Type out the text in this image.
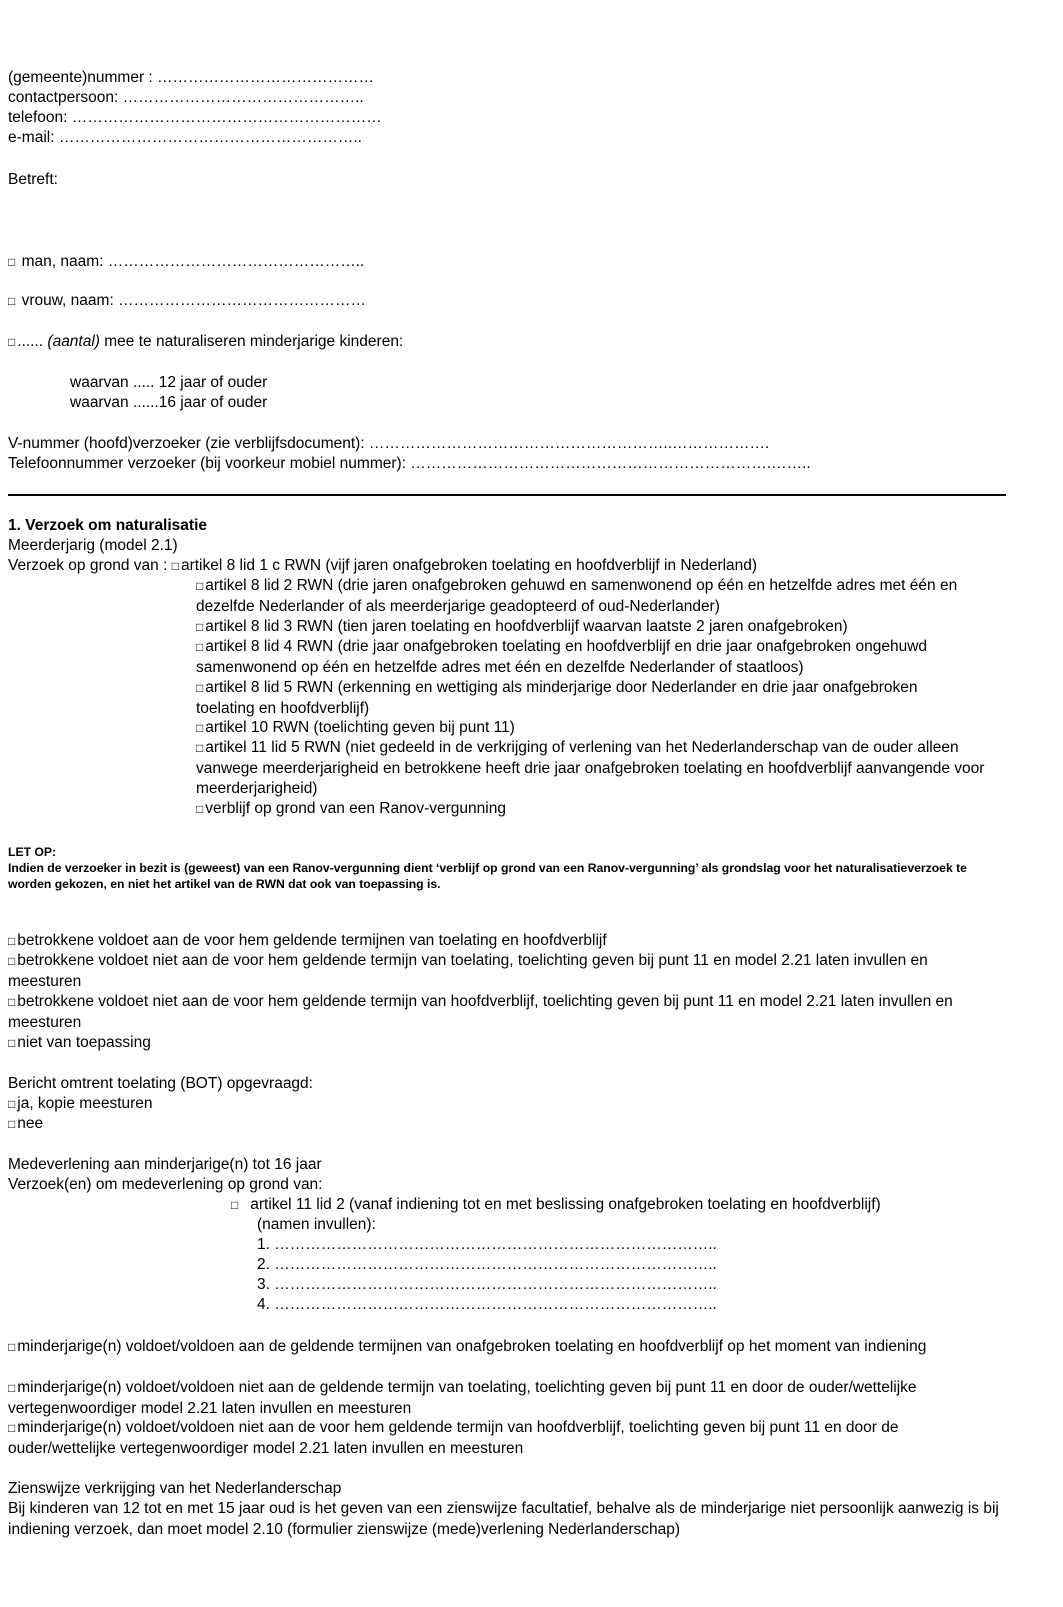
(gemeente)nummer : ……………………………………
contactpersoon: ………………………………………..
telefoon: ……………………………………………………
e-mail: …………………………………………………..
Betreft:
□ man, naam: …………………………………………..
□ vrouw, naam: …………………………………………
□ ...... (aantal) mee te naturaliseren minderjarige kinderen:
waarvan ..... 12 jaar of ouder
waarvan ......16 jaar of ouder
V-nummer (hoofd)verzoeker (zie verblijfsdocument): …………………………………………………..……………….
Telefoonnummer verzoeker (bij voorkeur mobiel nummer): …………………………………………………………….……..
1. Verzoek om naturalisatie
Meerderjarig (model 2.1)
Verzoek op grond van : □ artikel 8 lid 1 c RWN (vijf jaren onafgebroken toelating en hoofdverblijf in Nederland)
□ artikel 8 lid 2 RWN (drie jaren onafgebroken gehuwd en samenwonend op één en hetzelfde adres met één en dezelfde Nederlander of als meerderjarige geadopteerd of oud-Nederlander)
□ artikel 8 lid 3 RWN (tien jaren toelating en hoofdverblijf waarvan laatste 2 jaren onafgebroken)
□ artikel 8 lid 4 RWN (drie jaar onafgebroken toelating en hoofdverblijf en drie jaar onafgebroken ongehuwd samenwonend op één en hetzelfde adres met één en dezelfde Nederlander of staatloos)
□ artikel 8 lid 5 RWN (erkenning en wettiging als minderjarige door Nederlander en drie jaar onafgebroken toelating en hoofdverblijf)
□ artikel 10 RWN (toelichting geven bij punt 11)
□ artikel 11 lid 5 RWN (niet gedeeld in de verkrijging of verlening van het Nederlanderschap van de ouder alleen vanwege meerderjarigheid en betrokkene heeft drie jaar onafgebroken toelating en hoofdverblijf aanvangende voor meerderjarigheid)
□ verblijf op grond van een Ranov-vergunning
LET OP:
Indien de verzoeker in bezit is (geweest) van een Ranov-vergunning dient ‘verblijf op grond van een Ranov-vergunning’ als grondslag voor het naturalisatieverzoek te worden gekozen, en niet het artikel van de RWN dat ook van toepassing is.
□ betrokkene voldoet aan de voor hem geldende termijnen van toelating en hoofdverblijf
□ betrokkene voldoet niet aan de voor hem geldende termijn van toelating, toelichting geven bij punt 11 en model 2.21 laten invullen en meesturen
□ betrokkene voldoet niet aan de voor hem geldende termijn van hoofdverblijf, toelichting geven bij punt 11 en model 2.21 laten invullen en meesturen
□ niet van toepassing
Bericht omtrent toelating (BOT) opgevraagd:
□ ja, kopie meesturen
□ nee
Medeverlening aan minderjarige(n) tot 16 jaar
Verzoek(en) om medeverlening op grond van:
□ artikel 11 lid 2 (vanaf indiening tot en met beslissing onafgebroken toelating en hoofdverblijf)
(namen invullen):
1. …………………………………………………………………………..
2. …………………………………………………………………………..
3. …………………………………………………………………………..
4. …………………………………………………………………………..
□ minderjarige(n) voldoet/voldoen aan de geldende termijnen van onafgebroken toelating en hoofdverblijf op het moment van indiening
□ minderjarige(n) voldoet/voldoen niet aan de geldende termijn van toelating, toelichting geven bij punt 11 en door de ouder/wettelijke vertegenwoordiger model 2.21 laten invullen en meesturen
□ minderjarige(n) voldoet/voldoen niet aan de voor hem geldende termijn van hoofdverblijf, toelichting geven bij punt 11 en door de ouder/wettelijke vertegenwoordiger model 2.21 laten invullen en meesturen
Zienswijze verkrijging van het Nederlanderschap
Bij kinderen van 12 tot en met 15 jaar oud is het geven van een zienswijze facultatief, behalve als de minderjarige niet persoonlijk aanwezig is bij indiening verzoek, dan moet model 2.10 (formulier zienswijze (mede)verlening Nederlanderschap)
